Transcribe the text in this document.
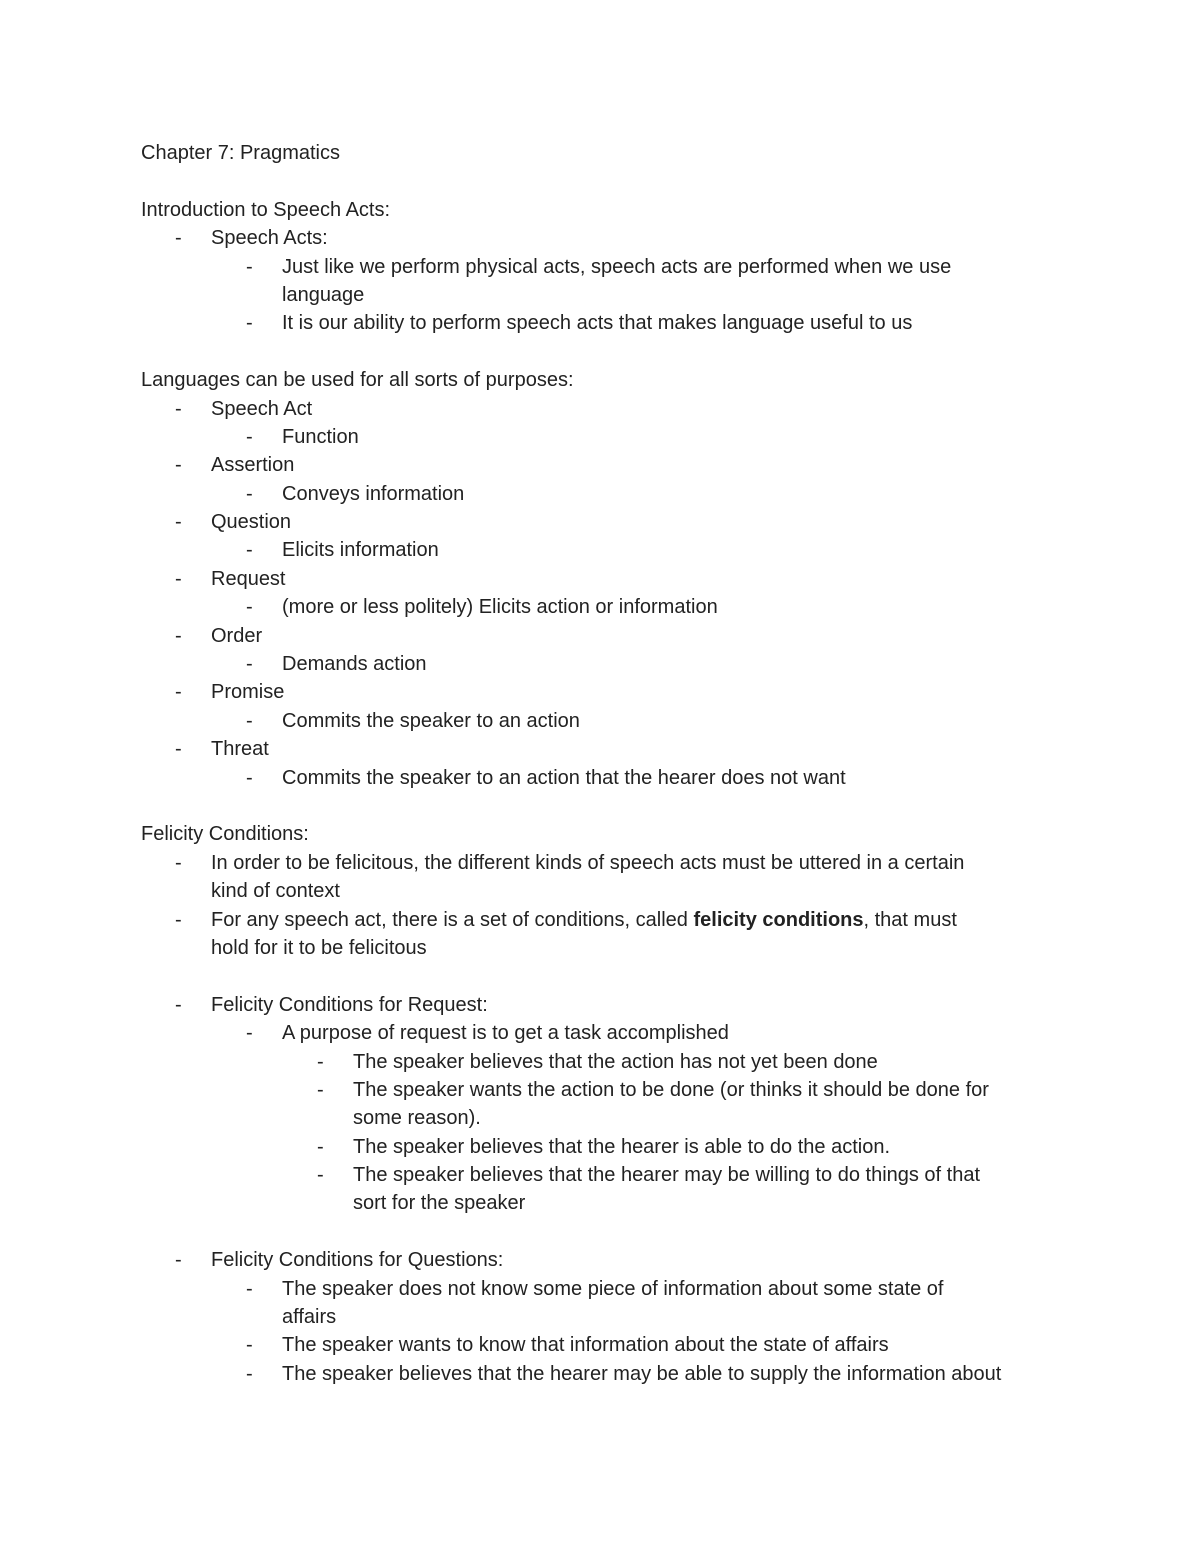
Chapter 7: Pragmatics
Introduction to Speech Acts:
-	Speech Acts:
-	Just like we perform physical acts, speech acts are performed when we use
language
-	It is our ability to perform speech acts that makes language useful to us
Languages can be used for all sorts of purposes:
-	Speech Act
-	Function
-	Assertion
-	Conveys information
-	Question
-	Elicits information
-	Request
-	(more or less politely) Elicits action or information
-	Order
-	Demands action
-	Promise
-	Commits the speaker to an action
-	Threat
-	Commits the speaker to an action that the hearer does not want
Felicity Conditions:
-	In order to be felicitous, the different kinds of speech acts must be uttered in a certain
kind of context
-	For any speech act, there is a set of conditions, called felicity conditions, that must
hold for it to be felicitous
-	Felicity Conditions for Request:
-	A purpose of request is to get a task accomplished
-	The speaker believes that the action has not yet been done
-	The speaker wants the action to be done (or thinks it should be done for
some reason).
-	The speaker believes that the hearer is able to do the action.
-	The speaker believes that the hearer may be willing to do things of that
sort for the speaker
-	Felicity Conditions for Questions:
-	The speaker does not know some piece of information about some state of
affairs
-	The speaker wants to know that information about the state of affairs
-	The speaker believes that the hearer may be able to supply the information about
